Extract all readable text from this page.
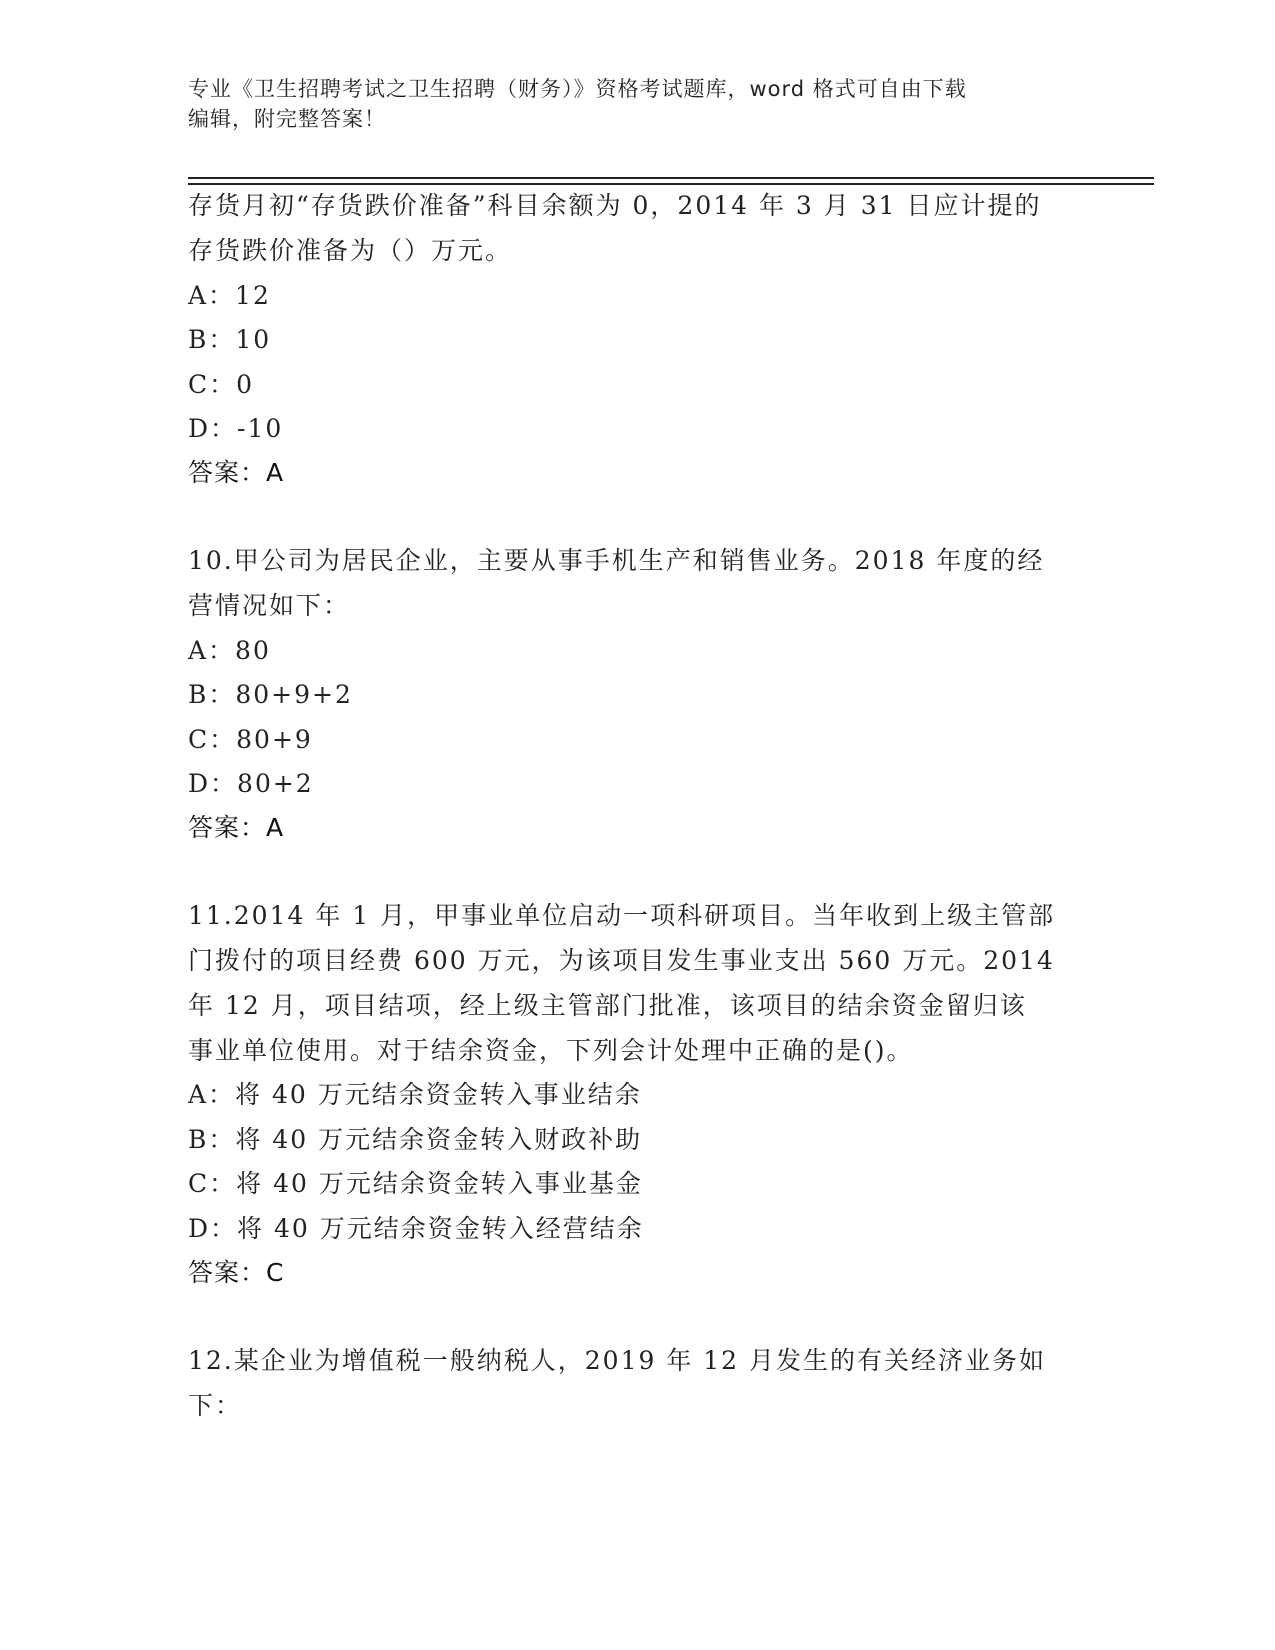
专业《卫生招聘考试之卫生招聘（财务）》资格考试题库，word 格式可自由下载
编辑，附完整答案！
存货月初“存货跌价准备”科目余额为 0，2014 年 3 月 31 日应计提的
存货跌价准备为（）万元。
A：12
B：10
C：0
D：-10
答案：A
10.甲公司为居民企业，主要从事手机生产和销售业务。2018 年度的经
营情况如下：
A：80
B：80+9+2
C：80+9
D：80+2
答案：A
11.2014 年 1 月，甲事业单位启动一项科研项目。当年收到上级主管部
门拨付的项目经费 600 万元，为该项目发生事业支出 560 万元。2014
年 12 月，项目结项，经上级主管部门批准，该项目的结余资金留归该
事业单位使用。对于结余资金，下列会计处理中正确的是()。
A：将 40 万元结余资金转入事业结余
B：将 40 万元结余资金转入财政补助
C：将 40 万元结余资金转入事业基金
D：将 40 万元结余资金转入经营结余
答案：C
12.某企业为增值税一般纳税人，2019 年 12 月发生的有关经济业务如
下：
